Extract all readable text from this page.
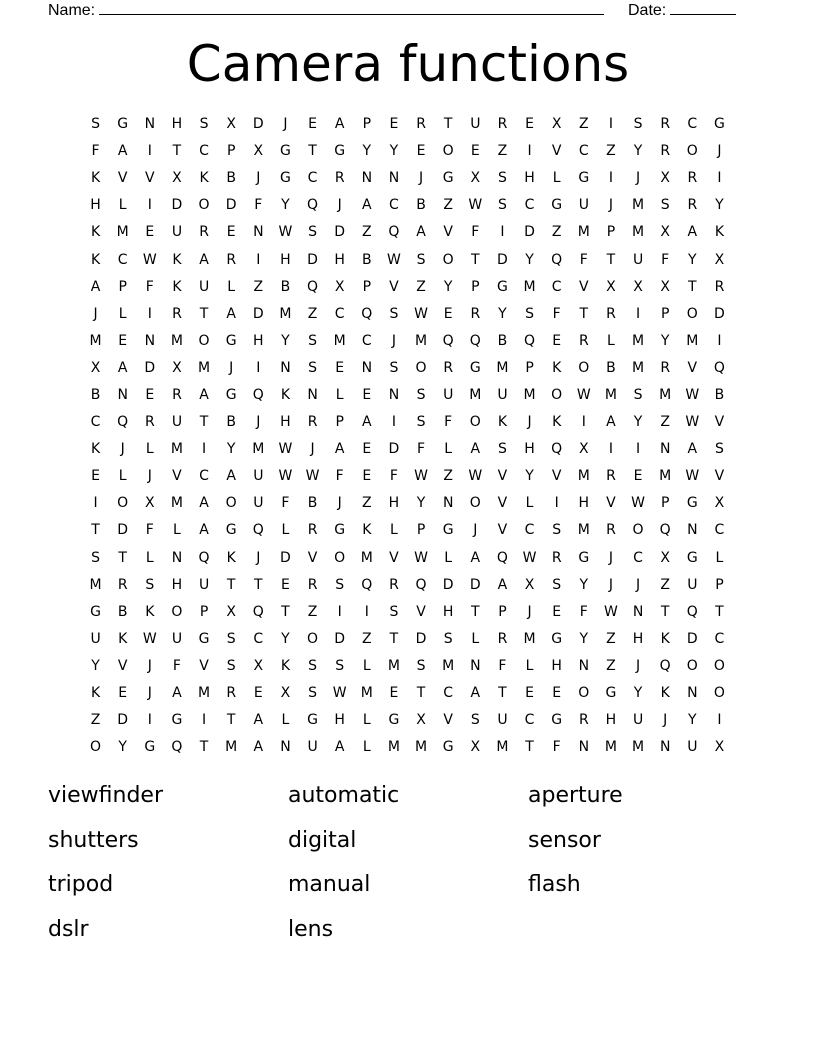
Name:	Date:
Camera functions
S	G	N	H	S	X	D	J	E	A	P	E	R	T	U	R	E	X	Z	I	S	R	C	G
F	A	I	T	C	P	X	G	T	G	Y	Y	E	O	E	Z	I	V	C	Z	Y	R	O	J
K	V	V	X	K	B	J	G	C	R	N	N	J	G	X	S	H	L	G	I	J	X	R	I
H	L	I	D	O	D	F	Y	Q	J	A	C	B	Z	W	S	C	G	U	J	M	S	R	Y
K	M	E	U	R	E	N	W	S	D	Z	Q	A	V	F	I	D	Z	M	P	M	X	A	K
K	C	W	K	A	R	I	H	D	H	B	W	S	O	T	D	Y	Q	F	T	U	F	Y	X
A	P	F	K	U	L	Z	B	Q	X	P	V	Z	Y	P	G	M	C	V	X	X	X	T	R
J	L	I	R	T	A	D	M	Z	C	Q	S	W	E	R	Y	S	F	T	R	I	P	O	D
M	E	N	M	O	G	H	Y	S	M	C	J	M	Q	Q	B	Q	E	R	L	M	Y	M	I
X	A	D	X	M	J	I	N	S	E	N	S	O	R	G	M	P	K	O	B	M	R	V	Q
B	N	E	R	A	G	Q	K	N	L	E	N	S	U	M	U	M	O	W	M	S	M	W	B
C	Q	R	U	T	B	J	H	R	P	A	I	S	F	O	K	J	K	I	A	Y	Z	W	V
K	J	L	M	I	Y	M	W	J	A	E	D	F	L	A	S	H	Q	X	I	I	N	A	S
E	L	J	V	C	A	U	W W	F	E	F	W	Z	W	V	Y	V	M	R	E	M	W	V
I	O	X	M	A	O	U	F	B	J	Z	H	Y	N	O	V	L	I	H	V	W	P	G	X
T	D	F	L	A	G	Q	L	R	G	K	L	P	G	J	V	C	S	M	R	O	Q	N	C
S	T	L	N	Q	K	J	D	V	O	M	V	W	L	A	Q	W	R	G	J	C	X	G	L
M	R	S	H	U	T	T	E	R	S	Q	R	Q	D	D	A	X	S	Y	J	J	Z	U	P
G	B	K	O	P	X	Q	T	Z	I	I	S	V	H	T	P	J	E	F	W	N	T	Q	T
U	K	W	U	G	S	C	Y	O	D	Z	T	D	S	L	R	M	G	Y	Z	H	K	D	C
Y	V	J	F	V	S	X	K	S	S	L	M	S	M	N	F	L	H	N	Z	J	Q	O	O
K	E	J	A	M	R	E	X	S	W	M	E	T	C	A	T	E	E	O	G	Y	K	N	O
Z	D	I	G	I	T	A	L	G	H	L	G	X	V	S	U	C	G	R	H	U	J	Y	I
O	Y	G	Q	T	M	A	N	U	A	L	M	M	G	X	M	T	F	N	M	M	N	U	X
viewfinder	automatic	aperture
shutters	digital	sensor
tripod	manual	flash
dslr	lens
